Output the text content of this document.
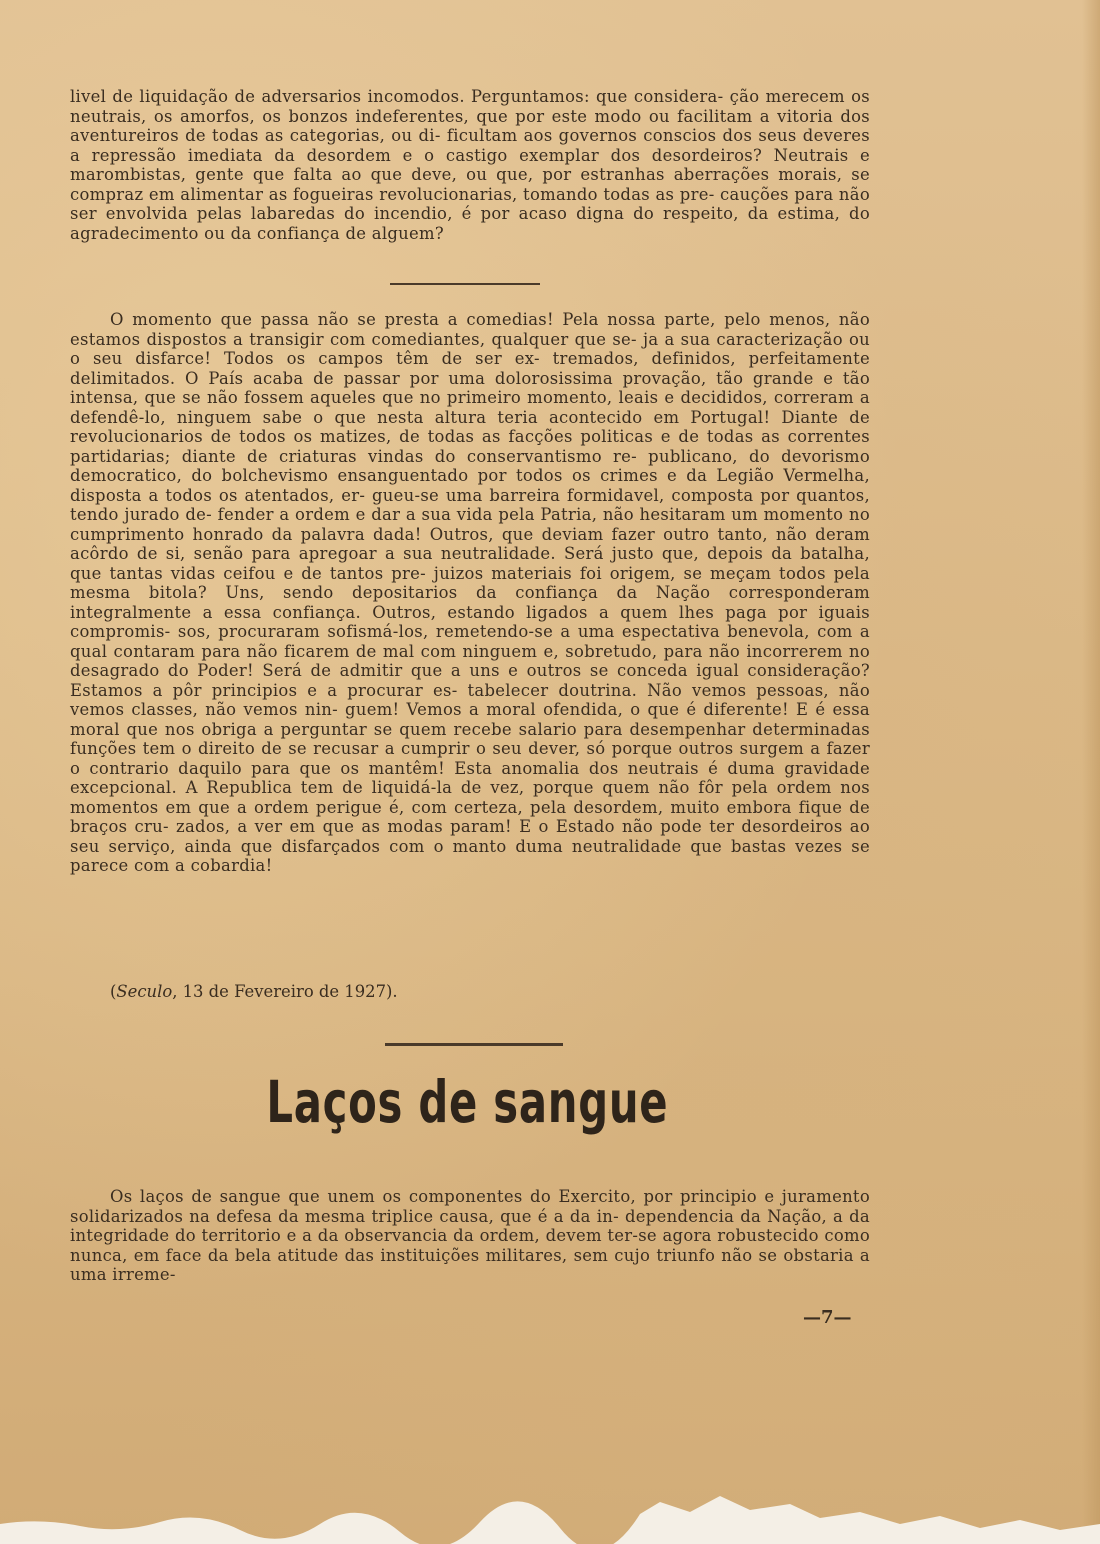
livel de liquidação de adversarios incomodos. Perguntamos: que considera- ção merecem os neutrais, os amorfos, os bonzos indeferentes, que por este modo ou facilitam a vitoria dos aventureiros de todas as categorias, ou di- ficultam aos governos conscios dos seus deveres a repressão imediata da desordem e o castigo exemplar dos desordeiros? Neutrais e marombistas, gente que falta ao que deve, ou que, por estranhas aberrações morais, se compraz em alimentar as fogueiras revolucionarias, tomando todas as pre- cauções para não ser envolvida pelas labaredas do incendio, é por acaso digna do respeito, da estima, do agradecimento ou da confiança de alguem?

O momento que passa não se presta a comedias! Pela nossa parte, pelo menos, não estamos dispostos a transigir com comediantes, qualquer que se- ja a sua caracterização ou o seu disfarce! Todos os campos têm de ser ex- tremados, definidos, perfeitamente delimitados. O País acaba de passar por uma dolorosissima provação, tão grande e tão intensa, que se não fossem aqueles que no primeiro momento, leais e decididos, correram a defendê-lo, ninguem sabe o que nesta altura teria acontecido em Portugal! Diante de revolucionarios de todos os matizes, de todas as facções politicas e de todas as correntes partidarias; diante de criaturas vindas do conservantismo re- publicano, do devorismo democratico, do bolchevismo ensanguentado por todos os crimes e da Legião Vermelha, disposta a todos os atentados, er- gueu-se uma barreira formidavel, composta por quantos, tendo jurado de- fender a ordem e dar a sua vida pela Patria, não hesitaram um momento no cumprimento honrado da palavra dada! Outros, que deviam fazer outro tanto, não deram acôrdo de si, senão para apregoar a sua neutralidade. Será justo que, depois da batalha, que tantas vidas ceifou e de tantos pre- juizos materiais foi origem, se meçam todos pela mesma bitola? Uns, sendo depositarios da confiança da Nação corresponderam integralmente a essa confiança. Outros, estando ligados a quem lhes paga por iguais compromis- sos, procuraram sofismá-los, remetendo-se a uma espectativa benevola, com a qual contaram para não ficarem de mal com ninguem e, sobretudo, para não incorrerem no desagrado do Poder! Será de admitir que a uns e outros se conceda igual consideração? Estamos a pôr principios e a procurar es- tabelecer doutrina. Não vemos pessoas, não vemos classes, não vemos nin- guem! Vemos a moral ofendida, o que é diferente! E é essa moral que nos obriga a perguntar se quem recebe salario para desempenhar determinadas funções tem o direito de se recusar a cumprir o seu dever, só porque outros surgem a fazer o contrario daquilo para que os mantêm! Esta anomalia dos neutrais é duma gravidade excepcional. A Republica tem de liquidá-la de vez, porque quem não fôr pela ordem nos momentos em que a ordem perigue é, com certeza, pela desordem, muito embora fique de braços cru- zados, a ver em que as modas param! E o Estado não pode ter desordeiros ao seu serviço, ainda que disfarçados com o manto duma neutralidade que bastas vezes se parece com a cobardia!

(Seculo, 13 de Fevereiro de 1927).
Laços de sangue

Os laços de sangue que unem os componentes do Exercito, por principio e juramento solidarizados na defesa da mesma triplice causa, que é a da in- dependencia da Nação, a da integridade do territorio e a da observancia da ordem, devem ter-se agora robustecido como nunca, em face da bela atitude das instituições militares, sem cujo triunfo não se obstaria a uma irreme-

—7—
